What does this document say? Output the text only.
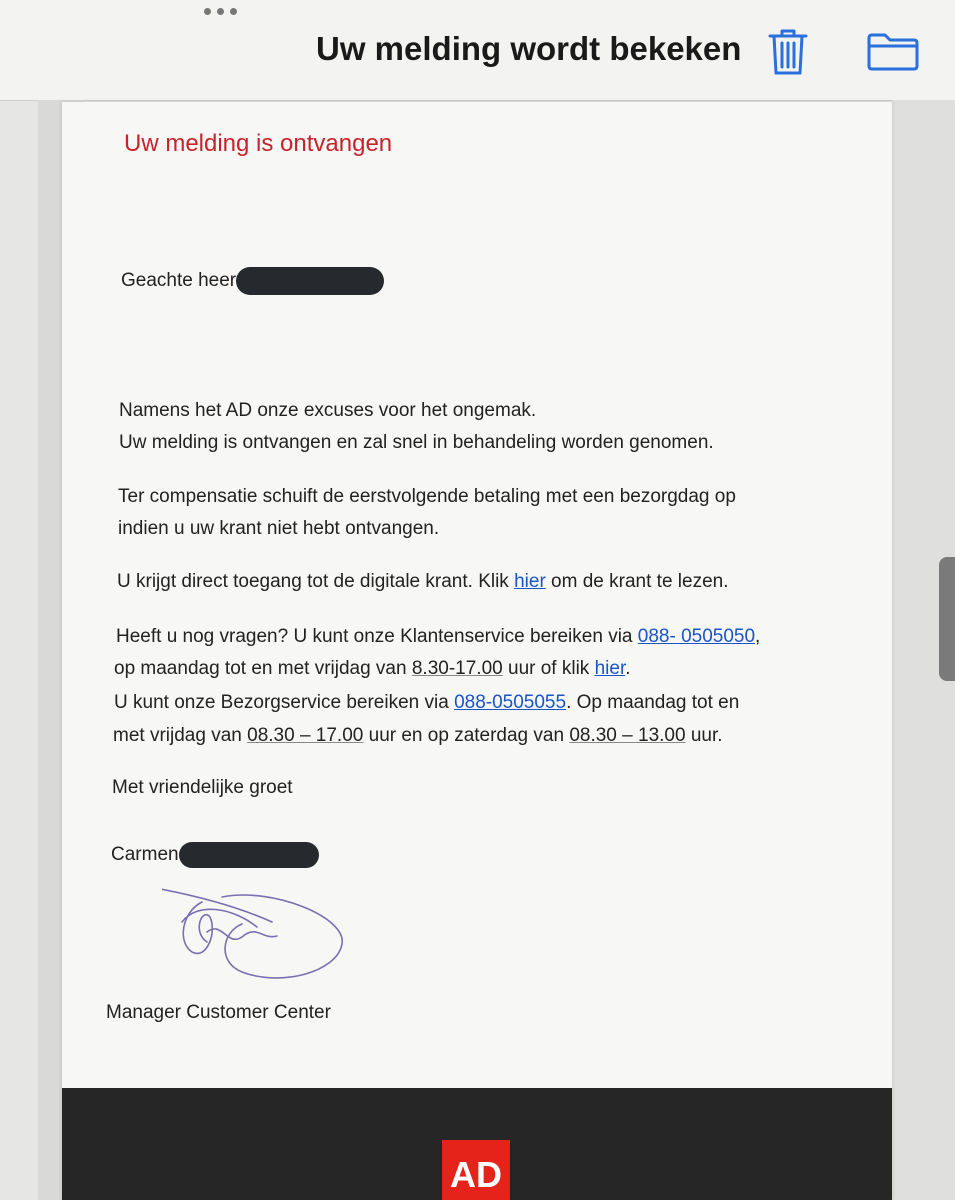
Uw melding wordt bekeken
Uw melding is ontvangen
Geachte heer
Namens het AD onze excuses voor het ongemak.
Uw melding is ontvangen en zal snel in behandeling worden genomen.
Ter compensatie schuift de eerstvolgende betaling met een bezorgdag op
indien u uw krant niet hebt ontvangen.
U krijgt direct toegang tot de digitale krant. Klik hier om de krant te lezen.
Heeft u nog vragen? U kunt onze Klantenservice bereiken via 088- 0505050,
op maandag tot en met vrijdag van 8.30-17.00 uur of klik hier.
U kunt onze Bezorgservice bereiken via 088-0505055. Op maandag tot en
met vrijdag van 08.30 – 17.00 uur en op zaterdag van 08.30 – 13.00 uur.
Met vriendelijke groet
Carmen
Manager Customer Center
AD
